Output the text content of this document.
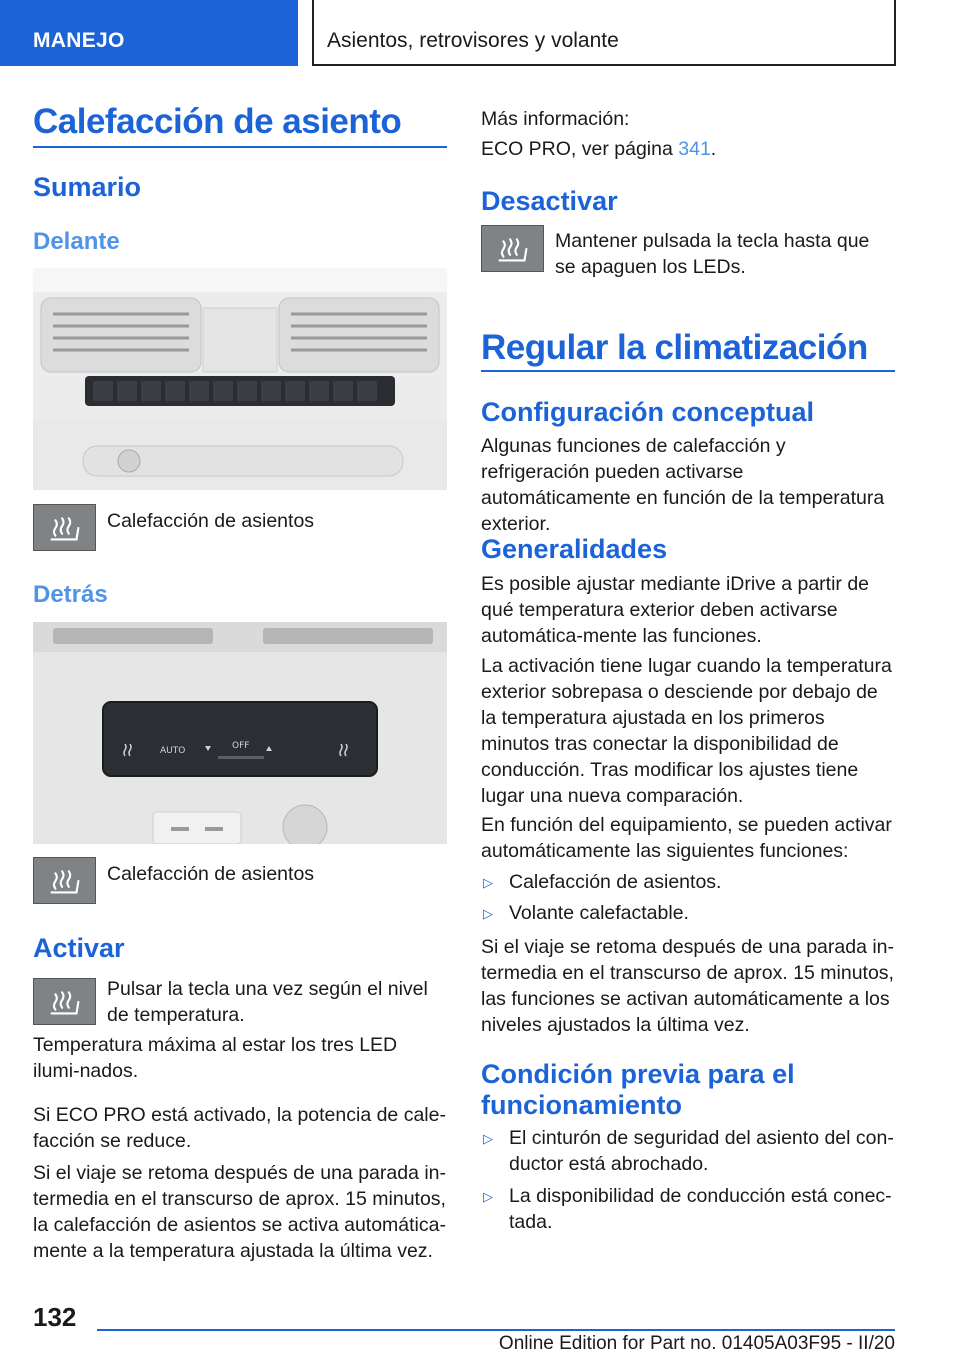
MANEJO	Asientos, retrovisores y volante
Calefacción de asiento
Sumario
Delante
Calefacción de asientos
Detrás
AUTO	OFF
Calefacción de asientos
Activar
Pulsar la tecla una vez según el nivel de temperatura.
Temperatura máxima al estar los tres LED ilumi-nados.
Si ECO PRO está activado, la potencia de cale-facción se reduce.
Si el viaje se retoma después de una parada in-termedia en el transcurso de aprox. 15 minutos, la calefacción de asientos se activa automática-mente a la temperatura ajustada la última vez.
Más información:
ECO PRO, ver página 341.
Desactivar
Mantener pulsada la tecla hasta que se apaguen los LEDs.
Regular la climatización
Configuración conceptual
Algunas funciones de calefacción y refrigeración pueden activarse automáticamente en función de la temperatura exterior.
Generalidades
Es posible ajustar mediante iDrive a partir de qué temperatura exterior deben activarse automática-mente las funciones.
La activación tiene lugar cuando la temperatura exterior sobrepasa o desciende por debajo de la temperatura ajustada en los primeros minutos tras conectar la disponibilidad de conducción. Tras modificar los ajustes tiene lugar una nueva comparación.
En función del equipamiento, se pueden activar automáticamente las siguientes funciones:
▷ Calefacción de asientos.
▷ Volante calefactable.
Si el viaje se retoma después de una parada in-termedia en el transcurso de aprox. 15 minutos, las funciones se activan automáticamente a los niveles ajustados la última vez.
Condición previa para el
funcionamiento
▷ El cinturón de seguridad del asiento del con-ductor está abrochado.
▷ La disponibilidad de conducción está conec-tada.
132
Online Edition for Part no. 01405A03F95 - II/20
